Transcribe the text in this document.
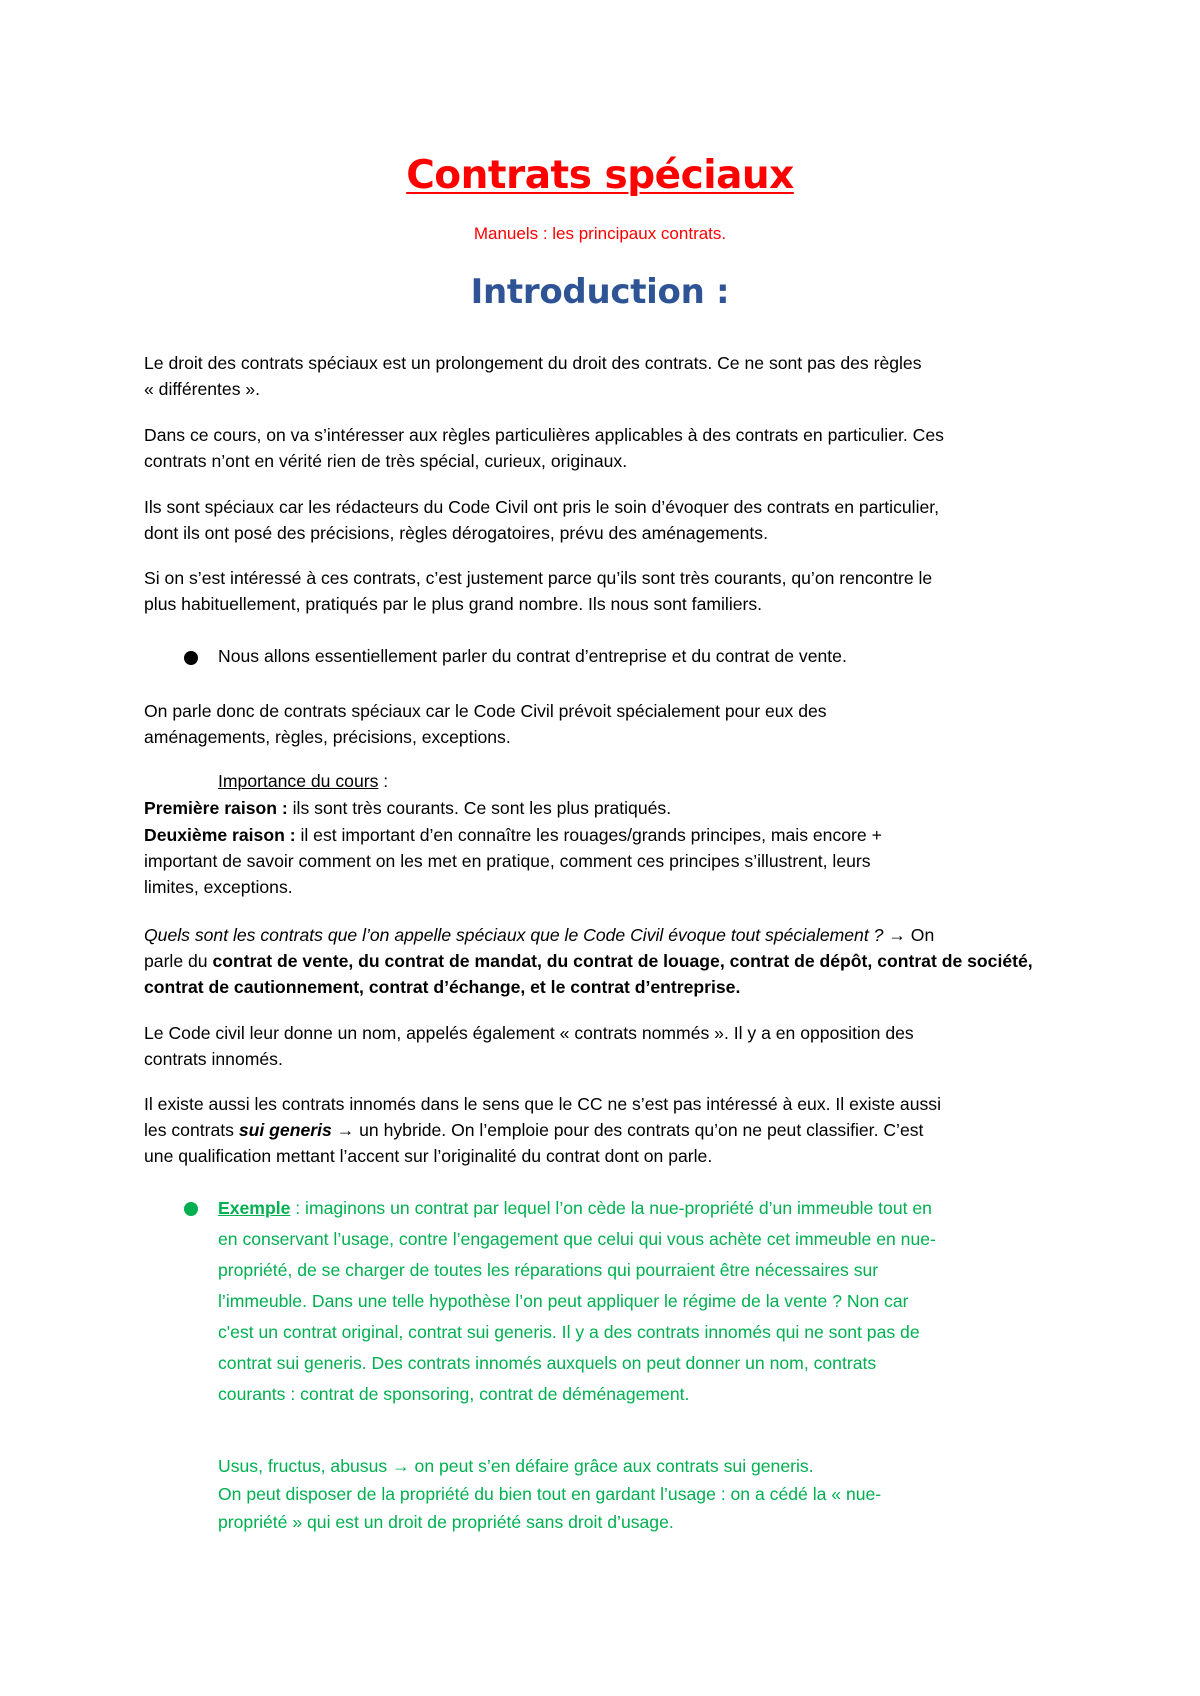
Contrats spéciaux
Manuels : les principaux contrats.
Introduction :
Le droit des contrats spéciaux est un prolongement du droit des contrats. Ce ne sont pas des règles
« différentes ».
Dans ce cours, on va s’intéresser aux règles particulières applicables à des contrats en particulier. Ces
contrats n’ont en vérité rien de très spécial, curieux, originaux.
Ils sont spéciaux car les rédacteurs du Code Civil ont pris le soin d’évoquer des contrats en particulier,
dont ils ont posé des précisions, règles dérogatoires, prévu des aménagements.
Si on s’est intéressé à ces contrats, c’est justement parce qu’ils sont très courants, qu’on rencontre le
plus habituellement, pratiqués par le plus grand nombre. Ils nous sont familiers.
Nous allons essentiellement parler du contrat d’entreprise et du contrat de vente.
On parle donc de contrats spéciaux car le Code Civil prévoit spécialement pour eux des
aménagements, règles, précisions, exceptions.
Importance du cours :
Première raison : ils sont très courants. Ce sont les plus pratiqués.
Deuxième raison : il est important d’en connaître les rouages/grands principes, mais encore +
important de savoir comment on les met en pratique, comment ces principes s’illustrent, leurs
limites, exceptions.
Quels sont les contrats que l’on appelle spéciaux que le Code Civil évoque tout spécialement ? → On
parle du contrat de vente, du contrat de mandat, du contrat de louage, contrat de dépôt, contrat de société,
contrat de cautionnement, contrat d’échange, et le contrat d’entreprise.
Le Code civil leur donne un nom, appelés également « contrats nommés ». Il y a en opposition des
contrats innomés.
Il existe aussi les contrats innomés dans le sens que le CC ne s’est pas intéressé à eux. Il existe aussi
les contrats sui generis → un hybride. On l’emploie pour des contrats qu’on ne peut classifier. C’est
une qualification mettant l’accent sur l’originalité du contrat dont on parle.
Exemple : imaginons un contrat par lequel l’on cède la nue-propriété d’un immeuble tout en
en conservant l’usage, contre l’engagement que celui qui vous achète cet immeuble en nue-
propriété, de se charger de toutes les réparations qui pourraient être nécessaires sur
l’immeuble. Dans une telle hypothèse l’on peut appliquer le régime de la vente ? Non car
c'est un contrat original, contrat sui generis. Il y a des contrats innomés qui ne sont pas de
contrat sui generis. Des contrats innomés auxquels on peut donner un nom, contrats
courants : contrat de sponsoring, contrat de déménagement.
Usus, fructus, abusus → on peut s’en défaire grâce aux contrats sui generis.
On peut disposer de la propriété du bien tout en gardant l’usage : on a cédé la « nue-
propriété » qui est un droit de propriété sans droit d’usage.
